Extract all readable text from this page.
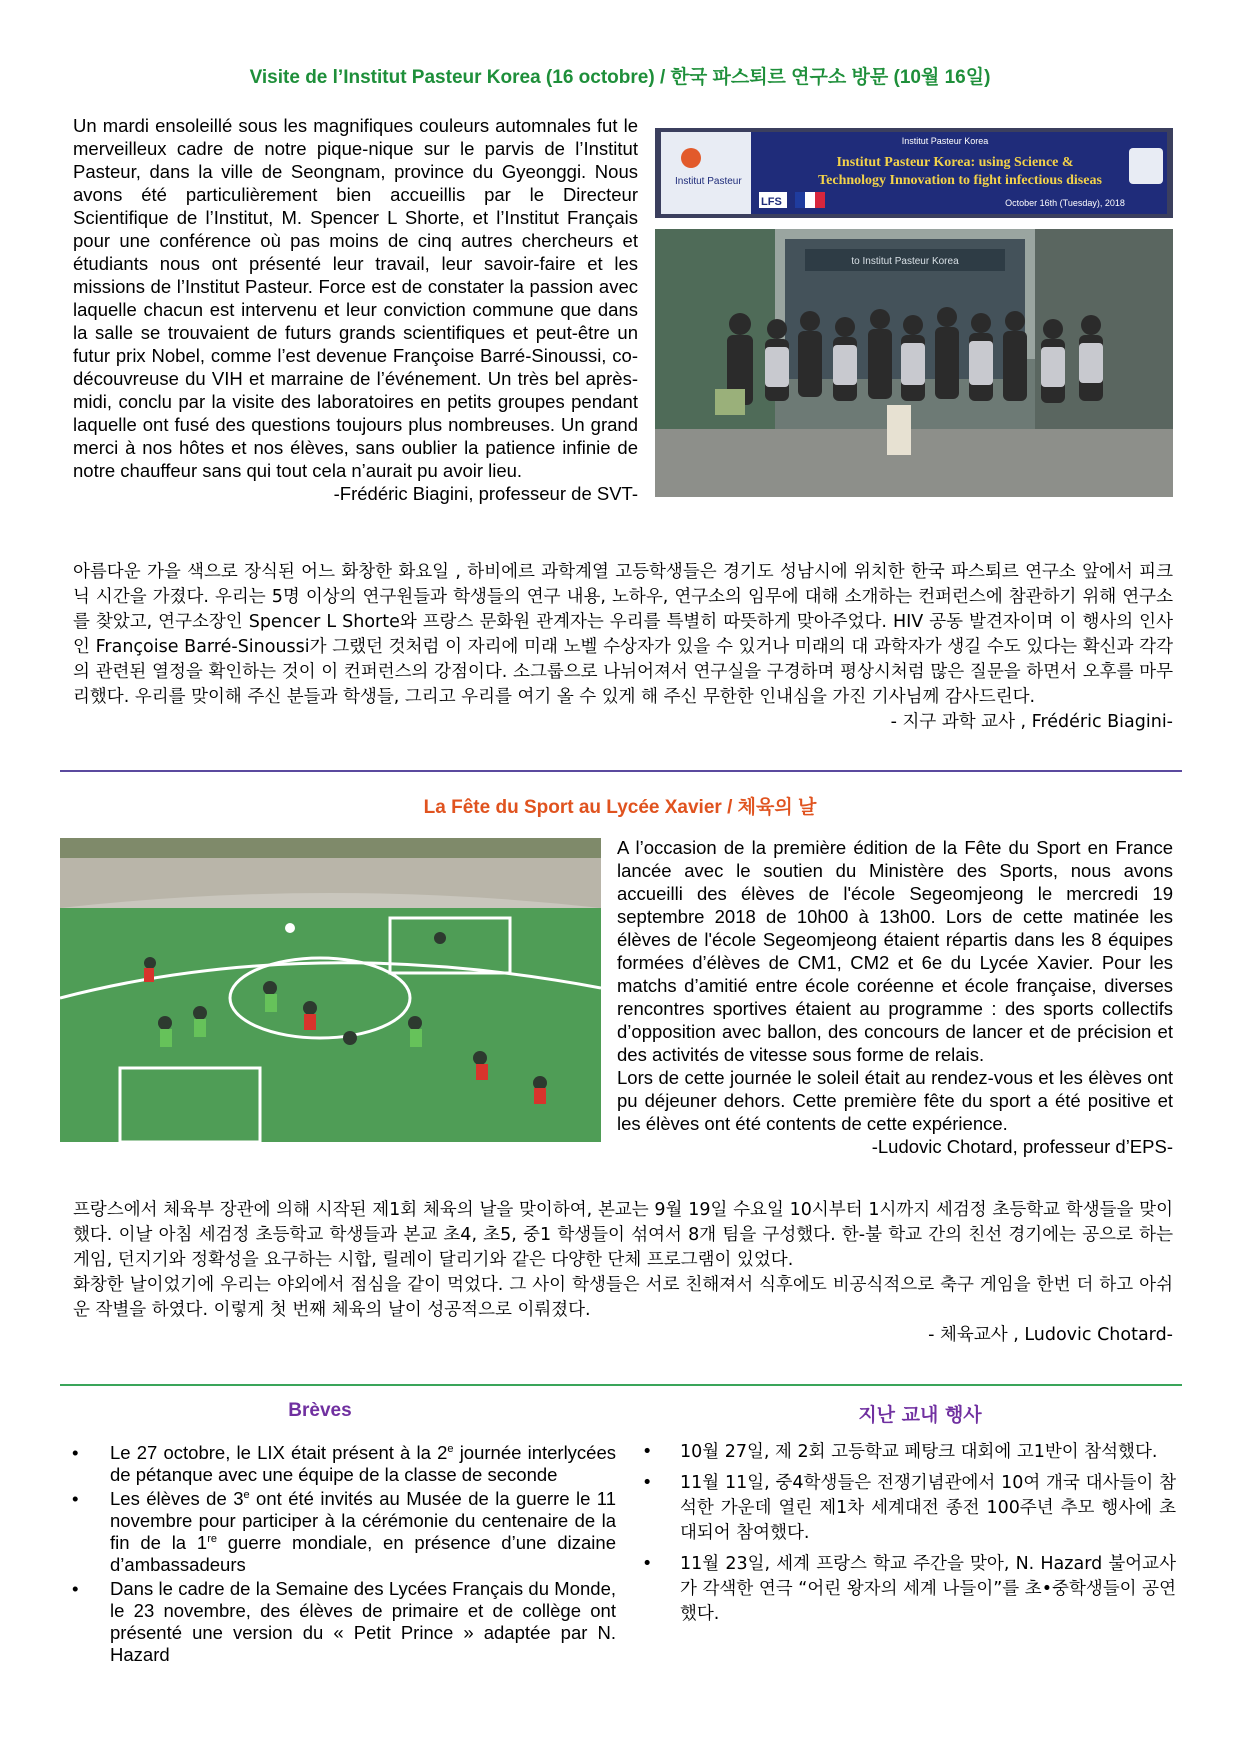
Visite de l’Institut Pasteur Korea (16 octobre) / 한국 파스퇴르 연구소 방문 (10월 16일)
Un mardi ensoleillé sous les magnifiques couleurs automnales fut le merveilleux cadre de notre pique-nique sur le parvis de l’Institut Pasteur, dans la ville de Seongnam, province du Gyeonggi. Nous avons été particulièrement bien accueillis par le Directeur Scientifique de l’Institut, M. Spencer L Shorte, et l’Institut Français pour une conférence où pas moins de cinq autres chercheurs et étudiants nous ont présenté leur travail, leur savoir-faire et les missions de l’Institut Pasteur. Force est de constater la passion avec laquelle chacun est intervenu et leur conviction commune que dans la salle se trouvaient de futurs grands scientifiques et peut-être un futur prix Nobel, comme l’est devenue Françoise Barré-Sinoussi, co-découvreuse du VIH et marraine de l’événement. Un très bel après-midi, conclu par la visite des laboratoires en petits groupes pendant laquelle ont fusé des questions toujours plus nombreuses. Un grand merci à nos hôtes et nos élèves, sans oublier la patience infinie de notre chauffeur sans qui tout cela n’aurait pu avoir lieu.
-Frédéric Biagini, professeur de SVT-
Institut Pasteur
Institut Pasteur Korea
Institut Pasteur Korea: using Science &
Technology Innovation to fight infectious diseas
October 16th (Tuesday), 2018
LFS
to Institut Pasteur Korea
아름다운 가을 색으로 장식된 어느 화창한 화요일 , 하비에르 과학계열 고등학생들은 경기도 성남시에 위치한 한국 파스퇴르 연구소 앞에서 피크닉 시간을 가졌다. 우리는 5명 이상의 연구원들과 학생들의 연구 내용, 노하우, 연구소의 임무에 대해 소개하는 컨퍼런스에 참관하기 위해 연구소를 찾았고, 연구소장인 Spencer L Shorte와 프랑스 문화원 관계자는 우리를 특별히 따뜻하게 맞아주었다. HIV 공동 발견자이며 이 행사의 인사인 Françoise Barré-Sinoussi가 그랬던 것처럼 이 자리에 미래 노벨 수상자가 있을 수 있거나 미래의 대 과학자가 생길 수도 있다는 확신과 각각의 관련된 열정을 확인하는 것이 이 컨퍼런스의 강점이다. 소그룹으로 나뉘어져서 연구실을 구경하며 평상시처럼 많은 질문을 하면서 오후를 마무리했다. 우리를 맞이해 주신 분들과 학생들, 그리고 우리를 여기 올 수 있게 해 주신 무한한 인내심을 가진 기사님께 감사드린다.
- 지구 과학 교사 , Frédéric Biagini-
La Fête du Sport au Lycée Xavier / 체육의 날
A l’occasion de la première édition de la Fête du Sport en France lancée avec le soutien du Ministère des Sports, nous avons accueilli des élèves de l'école Segeomjeong le mercredi 19 septembre 2018 de 10h00 à 13h00. Lors de cette matinée les élèves de l'école Segeomjeong étaient répartis dans les 8 équipes formées d’élèves de CM1, CM2 et 6e du Lycée Xavier. Pour les matchs d’amitié entre école coréenne et école française, diverses rencontres sportives étaient au programme : des sports collectifs d’opposition avec ballon, des concours de lancer et de précision et des activités de vitesse sous forme de relais.
Lors de cette journée le soleil était au rendez-vous et les élèves ont pu déjeuner dehors. Cette première fête du sport a été positive et les élèves ont été contents de cette expérience.
-Ludovic Chotard, professeur d’EPS-
프랑스에서 체육부 장관에 의해 시작된 제1회 체육의 날을 맞이하여, 본교는 9월 19일 수요일 10시부터 1시까지 세검정 초등학교 학생들을 맞이했다. 이날 아침 세검정 초등학교 학생들과 본교 초4, 초5, 중1 학생들이 섞여서 8개 팀을 구성했다. 한-불 학교 간의 친선 경기에는 공으로 하는 게임, 던지기와 정확성을 요구하는 시합, 릴레이 달리기와 같은 다양한 단체 프로그램이 있었다.
화창한 날이었기에 우리는 야외에서 점심을 같이 먹었다. 그 사이 학생들은 서로 친해져서 식후에도 비공식적으로 축구 게임을 한번 더 하고 아쉬운 작별을 하였다. 이렇게 첫 번째 체육의 날이 성공적으로 이뤄졌다.
- 체육교사 , Ludovic Chotard-
Brèves
• Le 27 octobre, le LIX était présent à la 2e journée interlycées de pétanque avec une équipe de la classe de seconde
• Les élèves de 3e ont été invités au Musée de la guerre le 11 novembre pour participer à la cérémonie du centenaire de la fin de la 1re guerre mondiale, en présence d’une dizaine d’ambassadeurs
• Dans le cadre de la Semaine des Lycées Français du Monde, le 23 novembre, des élèves de primaire et de collège ont présenté une version du « Petit Prince » adaptée par N. Hazard
지난 교내 행사
• 10월 27일, 제 2회 고등학교 페탕크 대회에 고1반이 참석했다.
• 11월 11일, 중4학생들은 전쟁기념관에서 10여 개국 대사들이 참석한 가운데 열린 제1차 세계대전 종전 100주년 추모 행사에 초대되어 참여했다.
• 11월 23일, 세계 프랑스 학교 주간을 맞아, N. Hazard 불어교사가 각색한 연극 “어린 왕자의 세계 나들이”를 초•중학생들이 공연했다.
